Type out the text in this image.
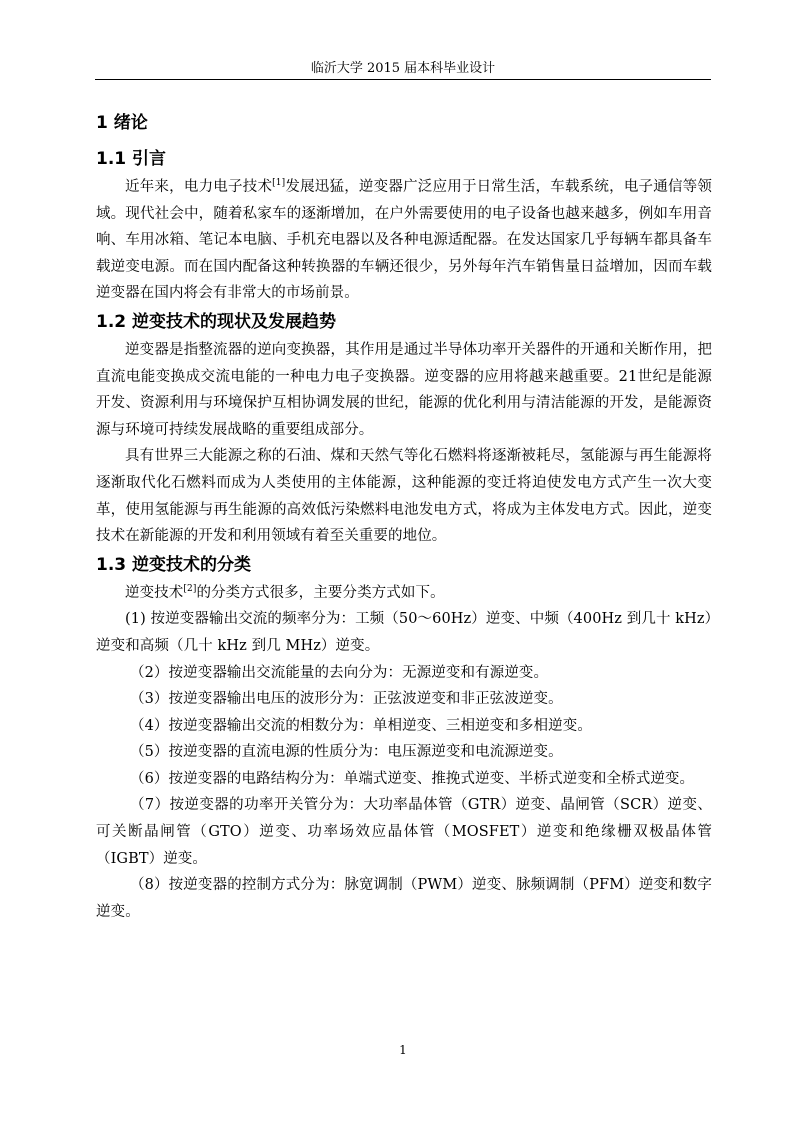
临沂大学 2015 届本科毕业设计
1 绪论
1.1 引言

近年来，电力电子技术[1]发展迅猛，逆变器广泛应用于日常生活，车载系统，电子通信等领域。现代社会中，随着私家车的逐渐增加，在户外需要使用的电子设备也越来越多，例如车用音响、车用冰箱、笔记本电脑、手机充电器以及各种电源适配器。在发达国家几乎每辆车都具备车载逆变电源。而在国内配备这种转换器的车辆还很少，另外每年汽车销售量日益增加，因而车载逆变器在国内将会有非常大的市场前景。

1.2 逆变技术的现状及发展趋势

逆变器是指整流器的逆向变换器，其作用是通过半导体功率开关器件的开通和关断作用，把直流电能变换成交流电能的一种电力电子变换器。逆变器的应用将越来越重要。21世纪是能源开发、资源利用与环境保护互相协调发展的世纪，能源的优化利用与清洁能源的开发，是能源资源与环境可持续发展战略的重要组成部分。

具有世界三大能源之称的石油、煤和天然气等化石燃料将逐渐被耗尽，氢能源与再生能源将逐渐取代化石燃料而成为人类使用的主体能源，这种能源的变迁将迫使发电方式产生一次大变革，使用氢能源与再生能源的高效低污染燃料电池发电方式，将成为主体发电方式。因此，逆变技术在新能源的开发和利用领域有着至关重要的地位。

1.3 逆变技术的分类

逆变技术[2]的分类方式很多，主要分类方式如下。

(1) 按逆变器输出交流的频率分为：工频（50～60Hz）逆变、中频（400Hz 到几十 kHz）逆变和高频（几十 kHz 到几 MHz）逆变。

（2）按逆变器输出交流能量的去向分为：无源逆变和有源逆变。

（3）按逆变器输出电压的波形分为：正弦波逆变和非正弦波逆变。

（4）按逆变器输出交流的相数分为：单相逆变、三相逆变和多相逆变。

（5）按逆变器的直流电源的性质分为：电压源逆变和电流源逆变。

（6）按逆变器的电路结构分为：单端式逆变、推挽式逆变、半桥式逆变和全桥式逆变。

（7）按逆变器的功率开关管分为：大功率晶体管（GTR）逆变、晶闸管（SCR）逆变、可关断晶闸管（GTO）逆变、功率场效应晶体管（MOSFET）逆变和绝缘栅双极晶体管（IGBT）逆变。

（8）按逆变器的控制方式分为：脉宽调制（PWM）逆变、脉频调制（PFM）逆变和数字逆变。

1
